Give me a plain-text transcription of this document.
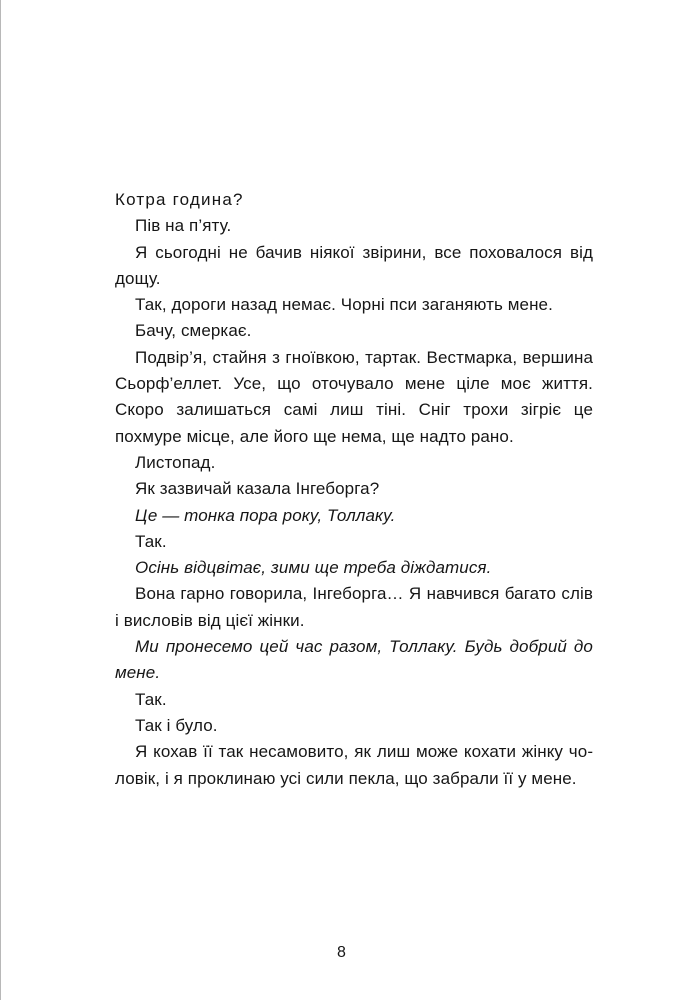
Котра година?

Пів на п’яту.

Я сьогодні не бачив ніякої звірини, все поховалося від дощу.

Так, дороги назад немає. Чорні пси заганяють мене.

Бачу, смеркає.

Подвір’я, стайня з гноївкою, тартак. Вестмарка, вершина Сьорф’еллет. Усе, що оточувало мене ціле моє життя. Скоро залишаться самі лиш тіні. Сніг трохи зігріє це похмуре місце, але його ще нема, ще надто рано.

Листопад.

Як зазвичай казала Інгеборга?

Це — тонка пора року, Толлаку.

Так.

Осінь відцвітає, зими ще треба діждатися.

Вона гарно говорила, Інгеборга… Я навчився багато слів і висловів від цієї жінки.

Ми пронесемо цей час разом, Толлаку. Будь добрий до мене.

Так.

Так і було.

Я кохав її так несамовито, як лиш може кохати жінку чоловік, і я проклинаю усі сили пекла, що забрали її у мене.

8
